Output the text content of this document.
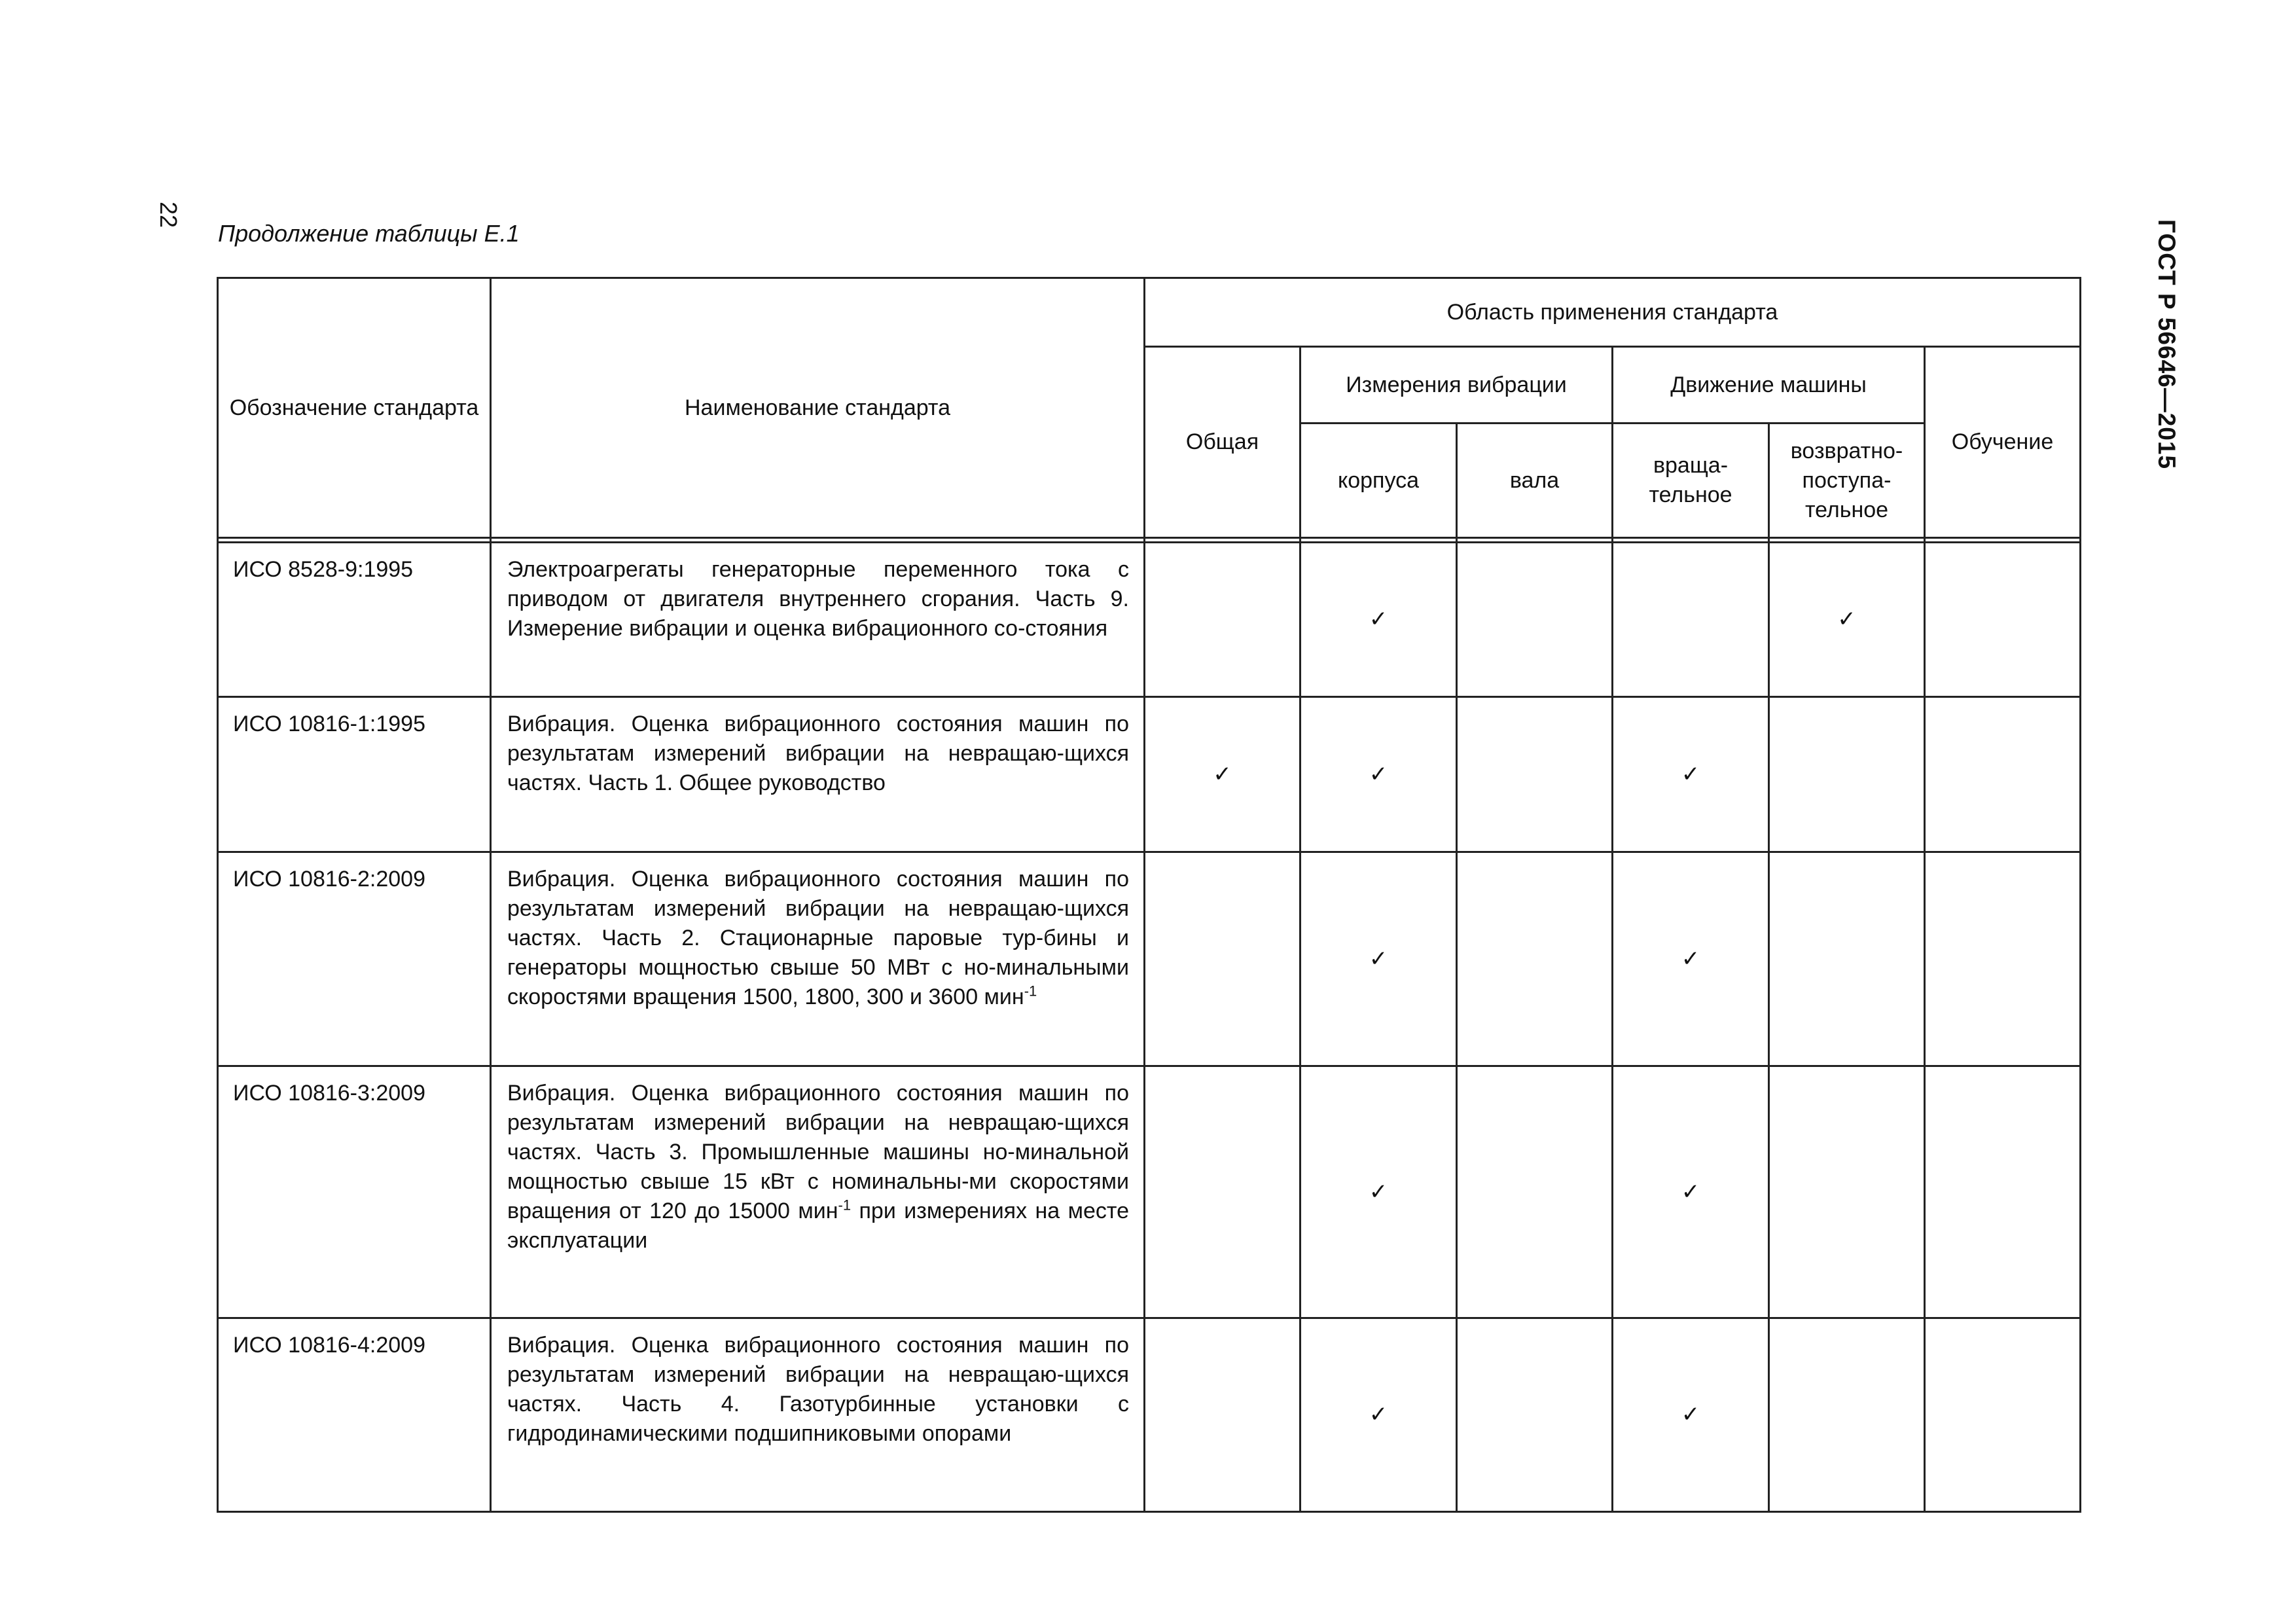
22
ГОСТ Р 56646—2015
Продолжение таблицы Е.1
Обозначение стандарта	Наименование стандарта	Область применения стандарта					
		Общая	Измерения вибрации		Движение машины		Обучение
			корпуса	вала	враща-тельное	возвратно-поступа-тельное	

ИСО 8528-9:1995	Электроагрегаты генераторные переменного тока с приводом от двигателя внутреннего сгорания. Часть 9. Измерение вибрации и оценка вибрационного со-стояния		✓			✓	
ИСО 10816-1:1995	Вибрация. Оценка вибрационного состояния машин по результатам измерений вибрации на невращаю-щихся частях. Часть 1. Общее руководство	✓	✓		✓		
ИСО 10816-2:2009	Вибрация. Оценка вибрационного состояния машин по результатам измерений вибрации на невращаю-щихся частях. Часть 2. Стационарные паровые тур-бины и генераторы мощностью свыше 50 МВт с но-минальными скоростями вращения 1500, 1800, 300 и 3600 мин$^{-1}$		✓		✓		
ИСО 10816-3:2009	Вибрация. Оценка вибрационного состояния машин по результатам измерений вибрации на невращаю-щихся частях. Часть 3. Промышленные машины но-минальной мощностью свыше 15 кВт с номинальны-ми скоростями вращения от 120 до 15000 мин$^{-1}$ при измерениях на месте эксплуатации		✓		✓		
ИСО 10816-4:2009	Вибрация. Оценка вибрационного состояния машин по результатам измерений вибрации на невращаю-щихся частях. Часть 4. Газотурбинные установки с гидродинамическими подшипниковыми опорами		✓		✓		
